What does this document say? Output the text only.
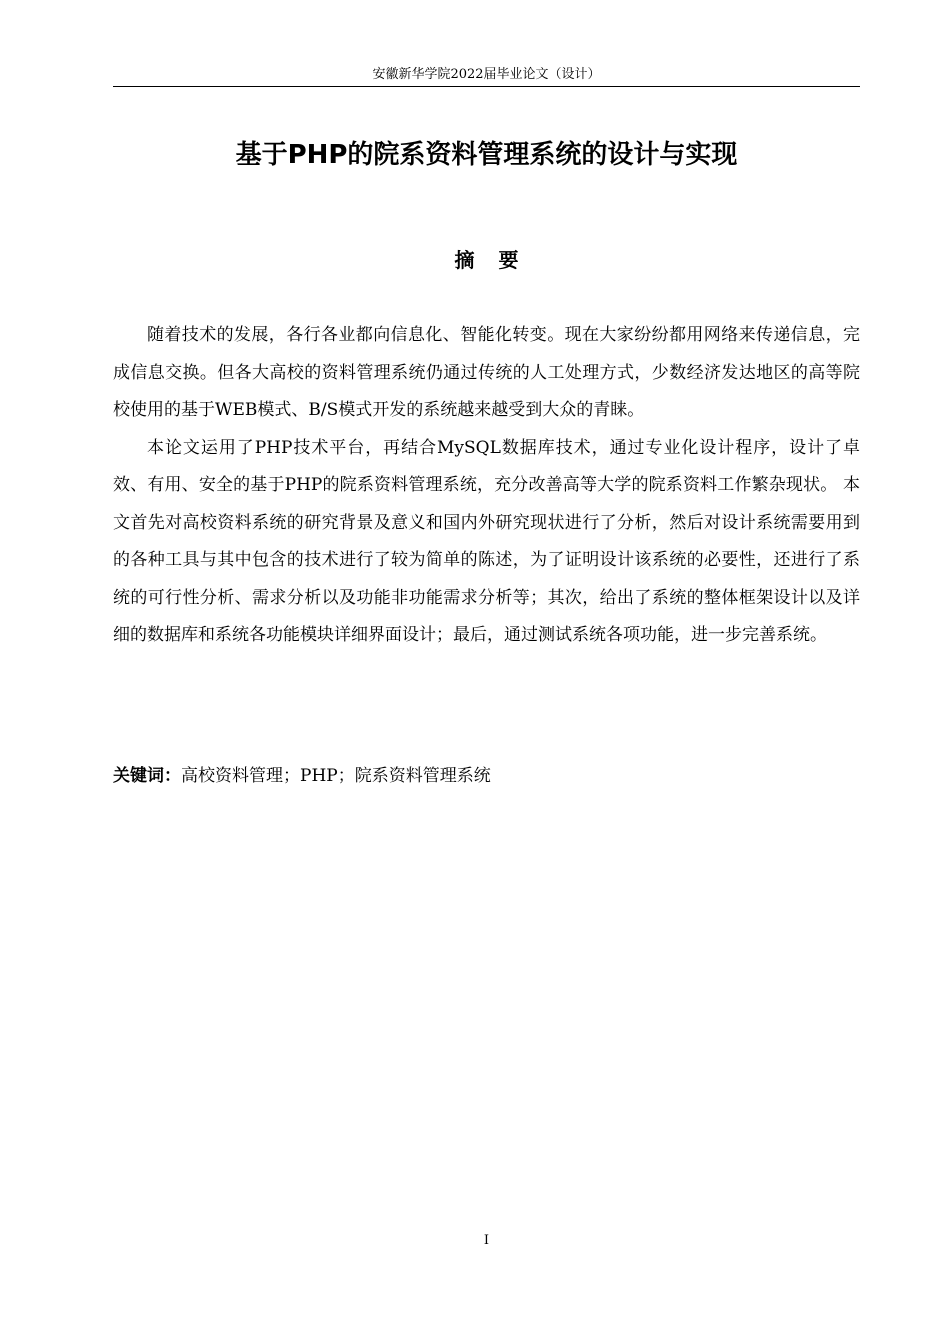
安徽新华学院2022届毕业论文（设计）
基于PHP的院系资料管理系统的设计与实现
摘要

随着技术的发展，各行各业都向信息化、智能化转变。现在大家纷纷都用网络来传递信息，完成信息交换。但各大高校的资料管理系统仍通过传统的人工处理方式，少数经济发达地区的高等院校使用的基于WEB模式、B/S模式开发的系统越来越受到大众的青睐。

本论文运用了PHP技术平台，再结合MySQL数据库技术，通过专业化设计程序，设计了卓效、有用、安全的基于PHP的院系资料管理系统，充分改善高等大学的院系资料工作繁杂现状。 本文首先对高校资料系统的研究背景及意义和国内外研究现状进行了分析，然后对设计系统需要用到的各种工具与其中包含的技术进行了较为简单的陈述，为了证明设计该系统的必要性，还进行了系统的可行性分析、需求分析以及功能非功能需求分析等；其次，给出了系统的整体框架设计以及详细的数据库和系统各功能模块详细界面设计；最后，通过测试系统各项功能，进一步完善系统。

关键词：高校资料管理；PHP；院系资料管理系统

I
